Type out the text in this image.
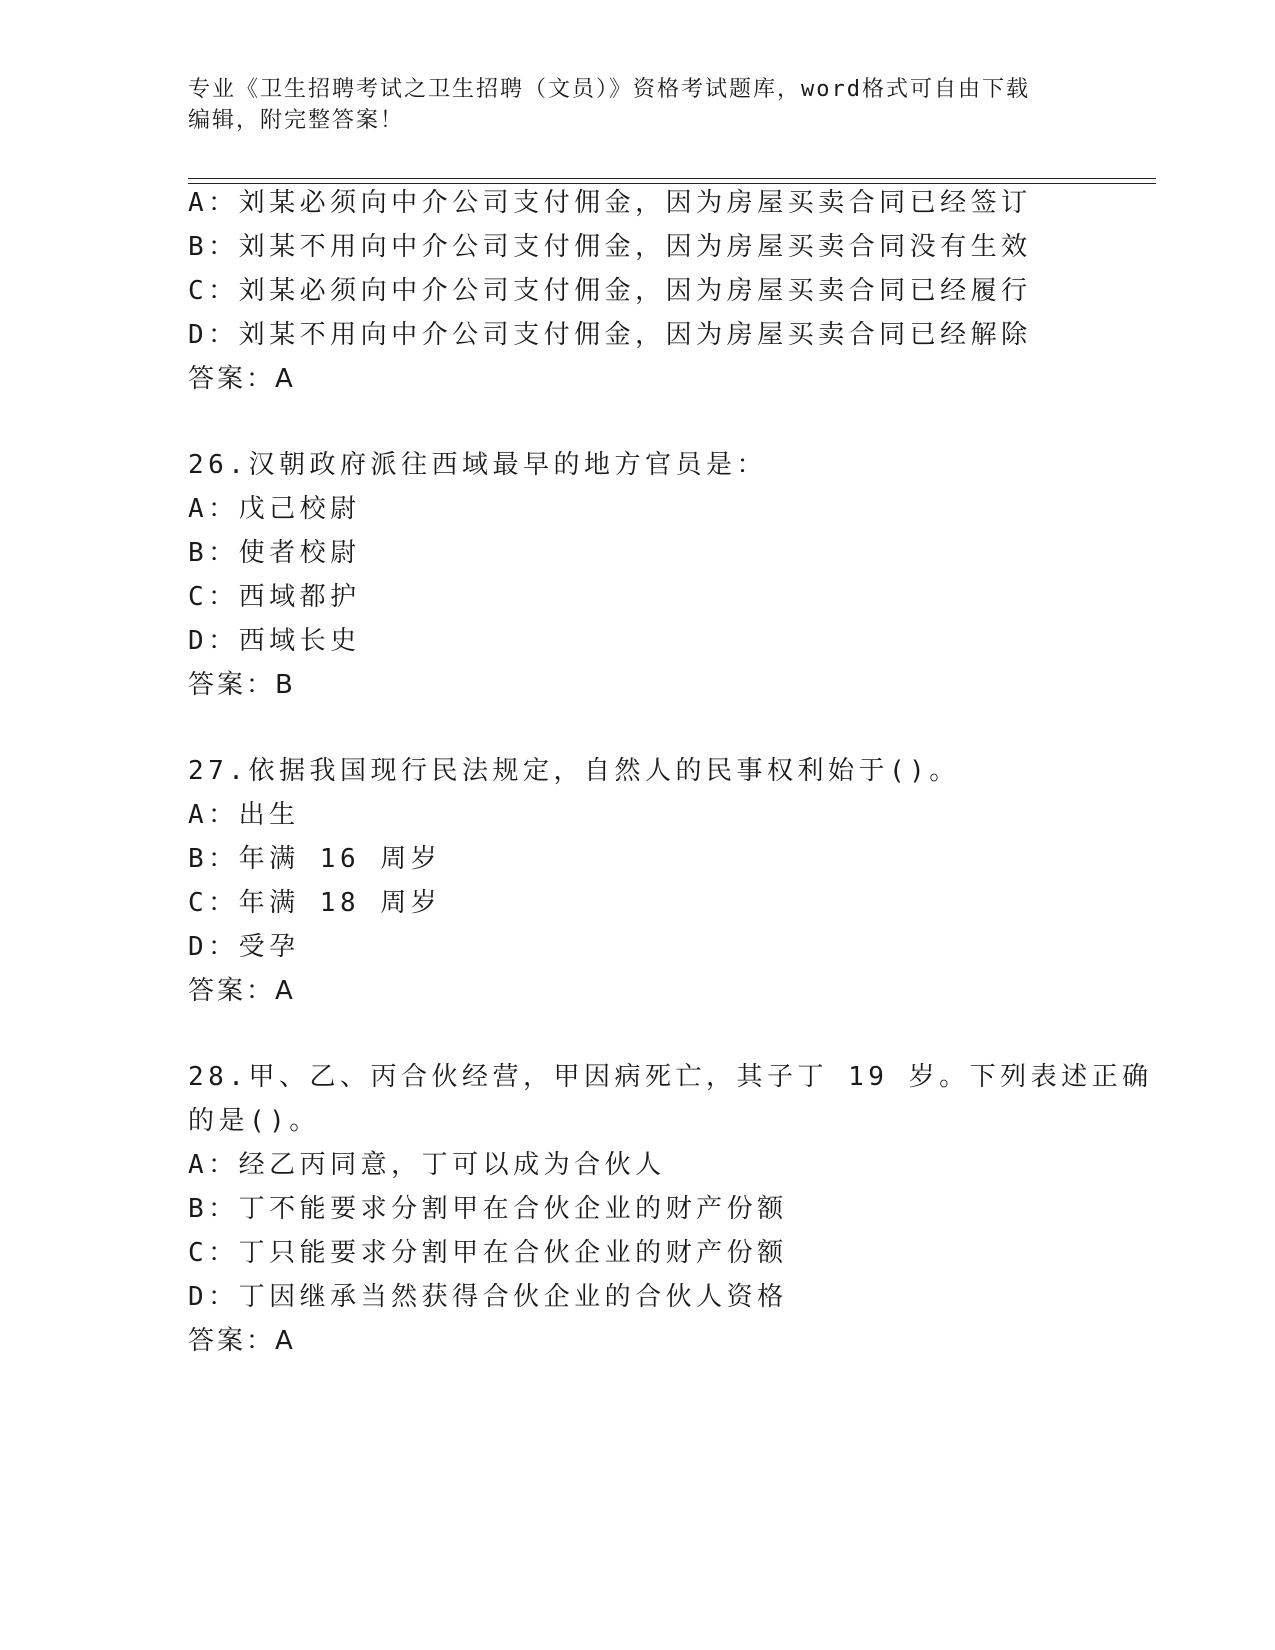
专业《卫生招聘考试之卫生招聘（文员）》资格考试题库，word格式可自由下载
编辑，附完整答案！
A：刘某必须向中介公司支付佣金，因为房屋买卖合同已经签订
B：刘某不用向中介公司支付佣金，因为房屋买卖合同没有生效
C：刘某必须向中介公司支付佣金，因为房屋买卖合同已经履行
D：刘某不用向中介公司支付佣金，因为房屋买卖合同已经解除
答案：A
26.汉朝政府派往西域最早的地方官员是：
A：戊己校尉
B：使者校尉
C：西域都护
D：西域长史
答案：B
27.依据我国现行民法规定，自然人的民事权利始于()。
A：出生
B：年满 16 周岁
C：年满 18 周岁
D：受孕
答案：A
28.甲、乙、丙合伙经营，甲因病死亡，其子丁 19 岁。下列表述正确
的是()。
A：经乙丙同意，丁可以成为合伙人
B：丁不能要求分割甲在合伙企业的财产份额
C：丁只能要求分割甲在合伙企业的财产份额
D：丁因继承当然获得合伙企业的合伙人资格
答案：A
